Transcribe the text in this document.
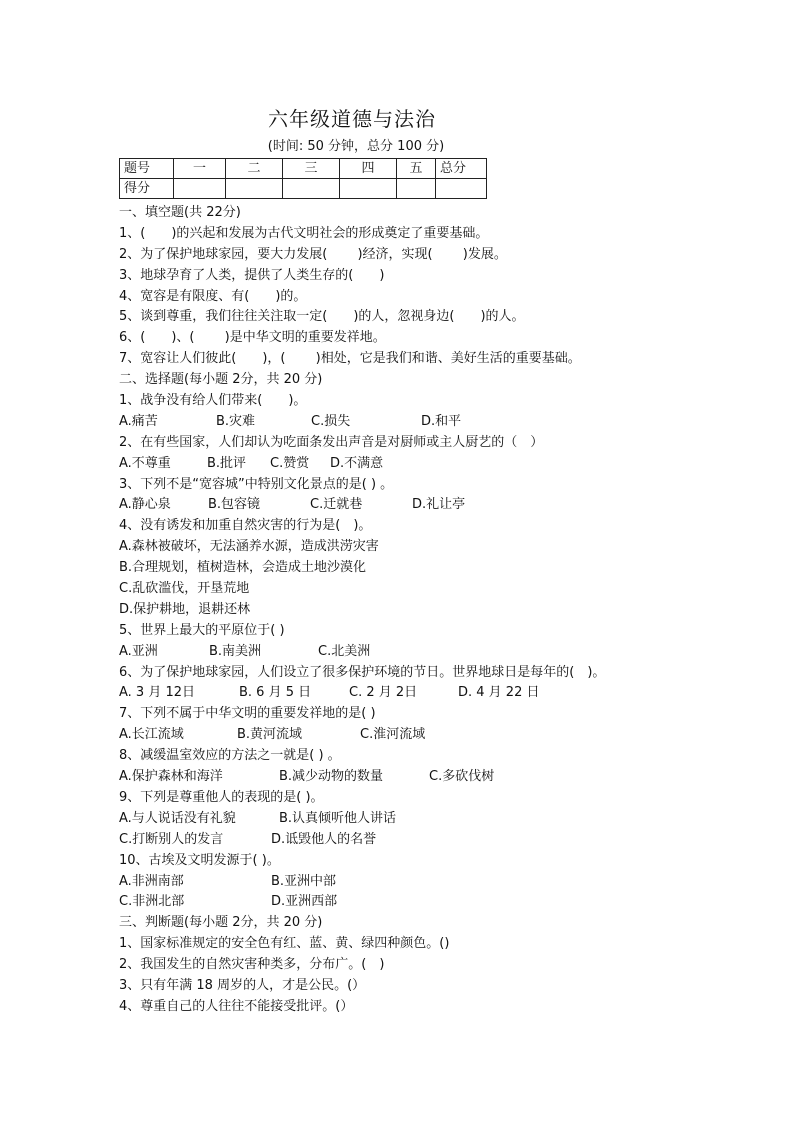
六年级道德与法治
(时间: 50 分钟，总分 100 分)
题号	一	二	三	四	五	总分
得分						
一、填空题(共 22分)
1、(　　)的兴起和发展为古代文明社会的形成奠定了重要基础。
2、为了保护地球家园，要大力发展(　　 )经济，实现(　　 )发展。
3、地球孕育了人类，提供了人类生存的(　　)
4、宽容是有限度、有(　　)的。
5、谈到尊重，我们往往关注取一定(　　)的人，忽视身边(　　)的人。
6、(　　)、(　　 )是中华文明的重要发祥地。
7、宽容让人们彼此(　　)，(　　 )相处，它是我们和谐、美好生活的重要基础。
二、选择题(每小题 2分，共 20 分)
1、战争没有给人们带来(　　)。
A.痛苦	B.灾难	C.损失	D.和平
2、在有些国家，人们却认为吃面条发出声音是对厨师或主人厨艺的（　）
A.不尊重	B.批评	C.赞赏	D.不满意
3、下列不是“宽容城”中特别文化景点的是( ) 。
A.静心泉	B.包容镜	C.迁就巷	D.礼让亭
4、没有诱发和加重自然灾害的行为是(　)。
A.森林被破坏，无法涵养水源，造成洪涝灾害
B.合理规划，植树造林，会造成土地沙漠化
C.乱砍滥伐，开垦荒地
D.保护耕地，退耕还林
5、世界上最大的平原位于( )
A.亚洲	B.南美洲	C.北美洲
6、为了保护地球家园，人们设立了很多保护环境的节日。世界地球日是每年的(　)。
A. 3 月 12日	B. 6 月 5 日	C. 2 月 2日	D. 4 月 22 日
7、下列不属于中华文明的重要发祥地的是( )
A.长江流域	B.黄河流域	C.淮河流域
8、减缓温室效应的方法之一就是( ) 。
A.保护森林和海洋	B.减少动物的数量	C.多砍伐树
9、下列是尊重他人的表现的是( )。
A.与人说话没有礼貌	B.认真倾听他人讲话
C.打断别人的发言	D.诋毁他人的名誉
10、古埃及文明发源于( )。
A.非洲南部	B.亚洲中部
C.非洲北部	D.亚洲西部
三、判断题(每小题 2分，共 20 分)
1、国家标准规定的安全色有红、蓝、黄、绿四种颜色。()
2、我国发生的自然灾害种类多，分布广。(　)
3、只有年满 18 周岁的人，才是公民。(）
4、尊重自己的人往往不能接受批评。(）
